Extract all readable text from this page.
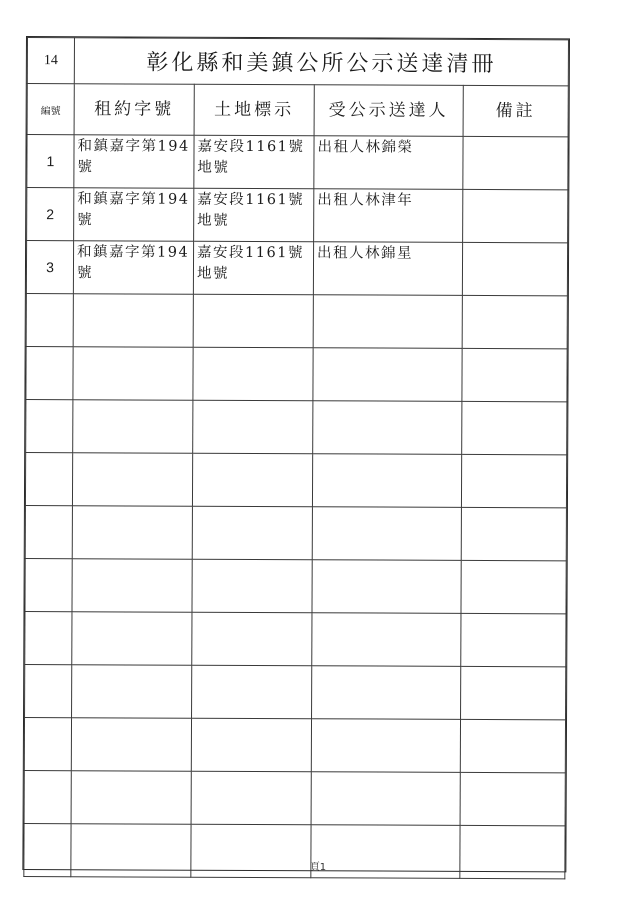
14	彰化縣和美鎮公所公示送達清冊			
編號	租約字號	土地標示	受公示送達人	備註
1	和鎮嘉字第194號	嘉安段1161號地號	出租人林錦榮	
2	和鎮嘉字第194號	嘉安段1161號地號	出租人林津年	
3	和鎮嘉字第194號	嘉安段1161號地號	出租人林錦星	

頁1
